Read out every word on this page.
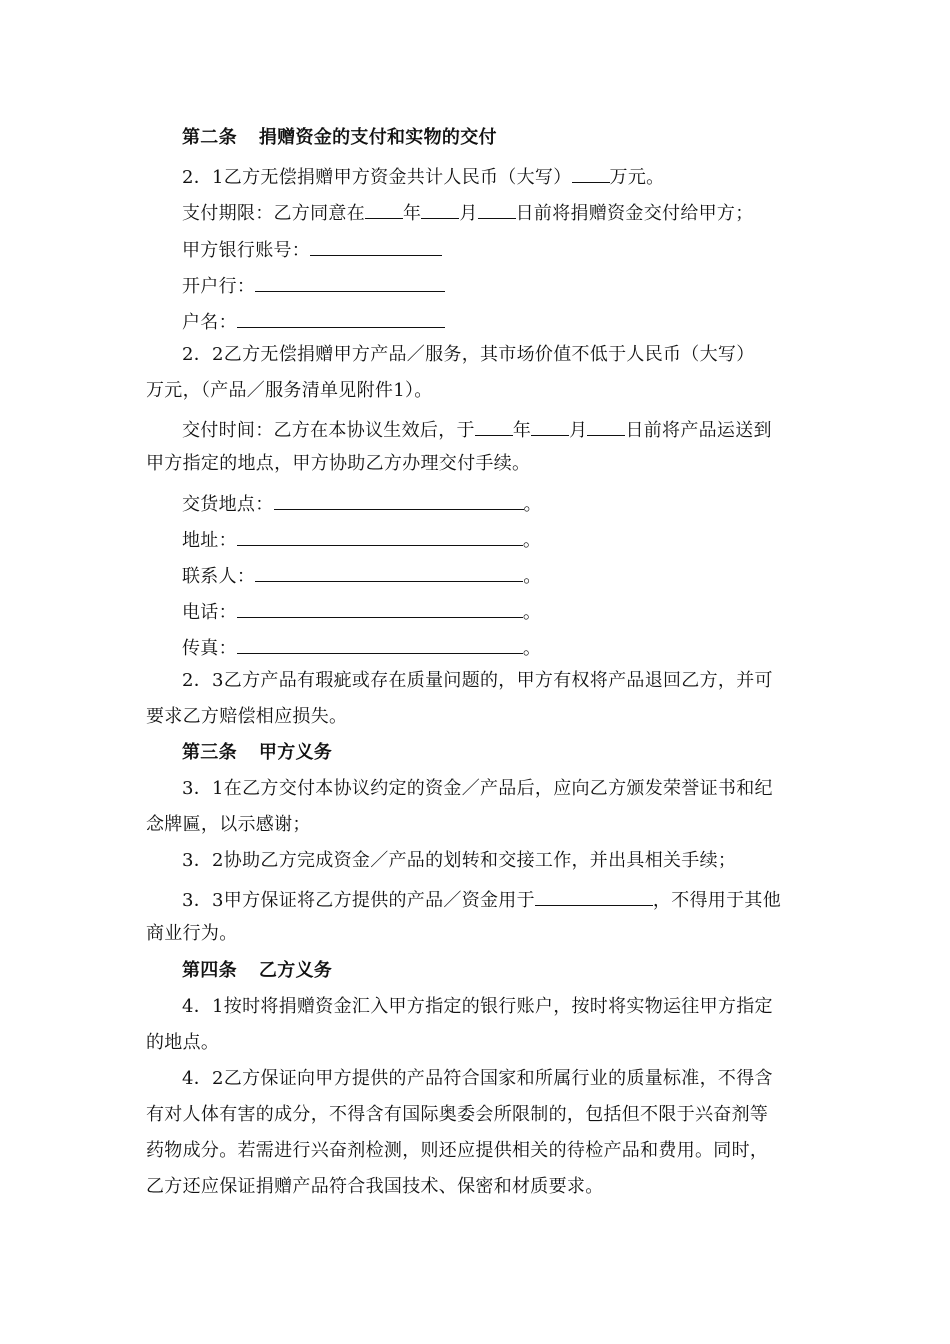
第二条 捐赠资金的支付和实物的交付
2．1乙方无偿捐赠甲方资金共计人民币（大写） 万元。
支付期限：乙方同意在 年 月 日前将捐赠资金交付给甲方；
甲方银行账号：
开户行：
户名：
2．2乙方无偿捐赠甲方产品／服务，其市场价值不低于人民币（大写）
万元，（产品／服务清单见附件1）。
交付时间：乙方在本协议生效后，于 年 月 日前将产品运送到
甲方指定的地点，甲方协助乙方办理交付手续。
交货地点：	。
地址：	。
联系人：	。
电话：	。
传真：	。
2．3乙方产品有瑕疵或存在质量问题的，甲方有权将产品退回乙方，并可
要求乙方赔偿相应损失。
第三条 甲方义务
3．1在乙方交付本协议约定的资金／产品后，应向乙方颁发荣誉证书和纪
念牌匾，以示感谢；
3．2协助乙方完成资金／产品的划转和交接工作，并出具相关手续；
3．3甲方保证将乙方提供的产品／资金用于	，不得用于其他
商业行为。
第四条 乙方义务
4．1按时将捐赠资金汇入甲方指定的银行账户，按时将实物运往甲方指定
的地点。
4．2乙方保证向甲方提供的产品符合国家和所属行业的质量标准，不得含
有对人体有害的成分，不得含有国际奥委会所限制的，包括但不限于兴奋剂等
药物成分。若需进行兴奋剂检测，则还应提供相关的待检产品和费用。同时，
乙方还应保证捐赠产品符合我国技术、保密和材质要求。
